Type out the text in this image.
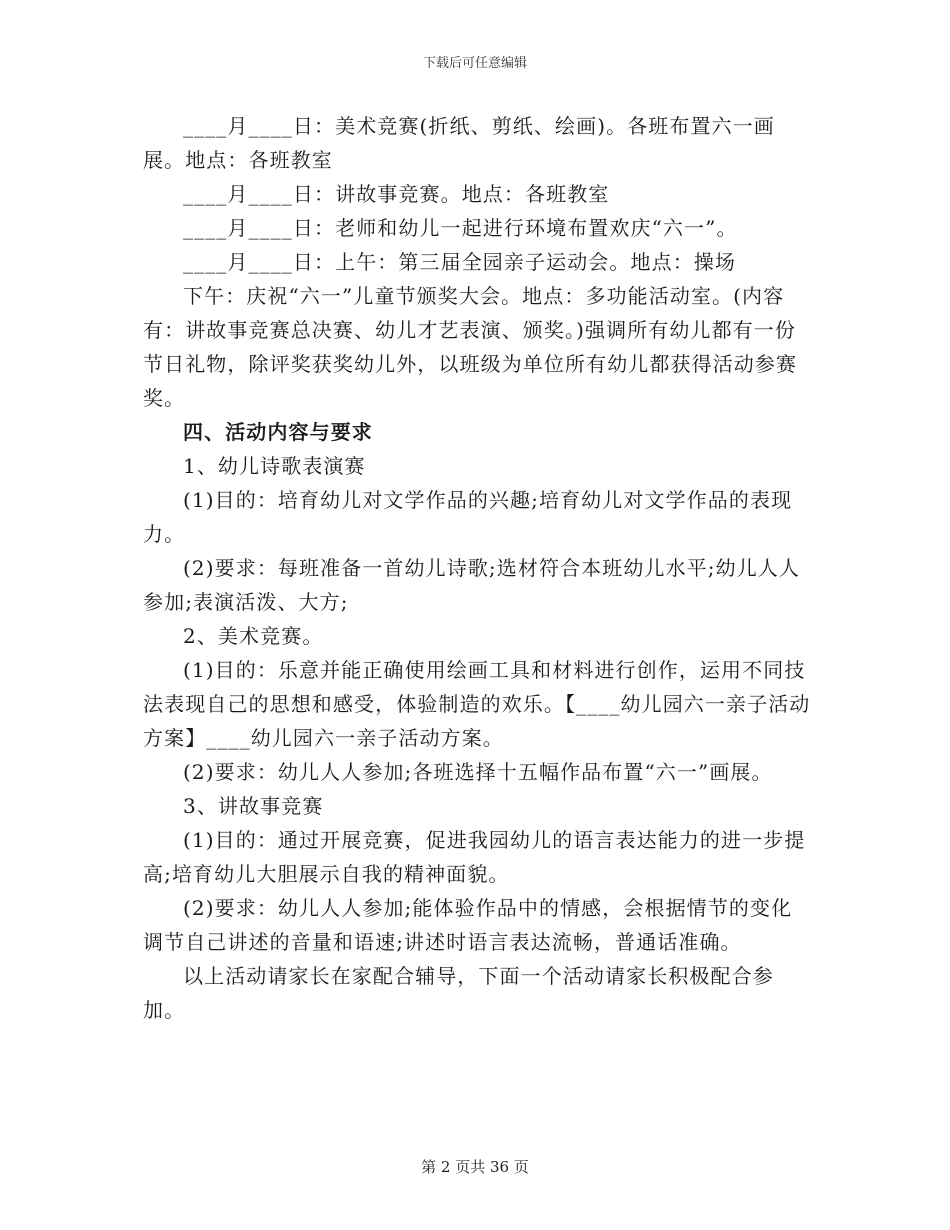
下载后可任意编辑

____月____日：美术竞赛(折纸、剪纸、绘画)。各班布置六一画展。地点：各班教室

____月____日：讲故事竞赛。地点：各班教室

____月____日：老师和幼儿一起进行环境布置欢庆“六一”。

____月____日：上午：第三届全园亲子运动会。地点：操场

下午：庆祝“六一”儿童节颁奖大会。地点：多功能活动室。(内容有：讲故事竞赛总决赛、幼儿才艺表演、颁奖。)强调所有幼儿都有一份节日礼物，除评奖获奖幼儿外，以班级为单位所有幼儿都获得活动参赛奖。

四、活动内容与要求

1、幼儿诗歌表演赛

(1)目的：培育幼儿对文学作品的兴趣;培育幼儿对文学作品的表现力。

(2)要求：每班准备一首幼儿诗歌;选材符合本班幼儿水平;幼儿人人参加;表演活泼、大方;

2、美术竞赛。

(1)目的：乐意并能正确使用绘画工具和材料进行创作，运用不同技法表现自己的思想和感受，体验制造的欢乐。【____幼儿园六一亲子活动方案】____幼儿园六一亲子活动方案。

(2)要求：幼儿人人参加;各班选择十五幅作品布置“六一”画展。

3、讲故事竞赛

(1)目的：通过开展竞赛，促进我园幼儿的语言表达能力的进一步提高;培育幼儿大胆展示自我的精神面貌。

(2)要求：幼儿人人参加;能体验作品中的情感，会根据情节的变化调节自己讲述的音量和语速;讲述时语言表达流畅，普通话准确。

以上活动请家长在家配合辅导，下面一个活动请家长积极配合参加。

第 2 页共 36 页
